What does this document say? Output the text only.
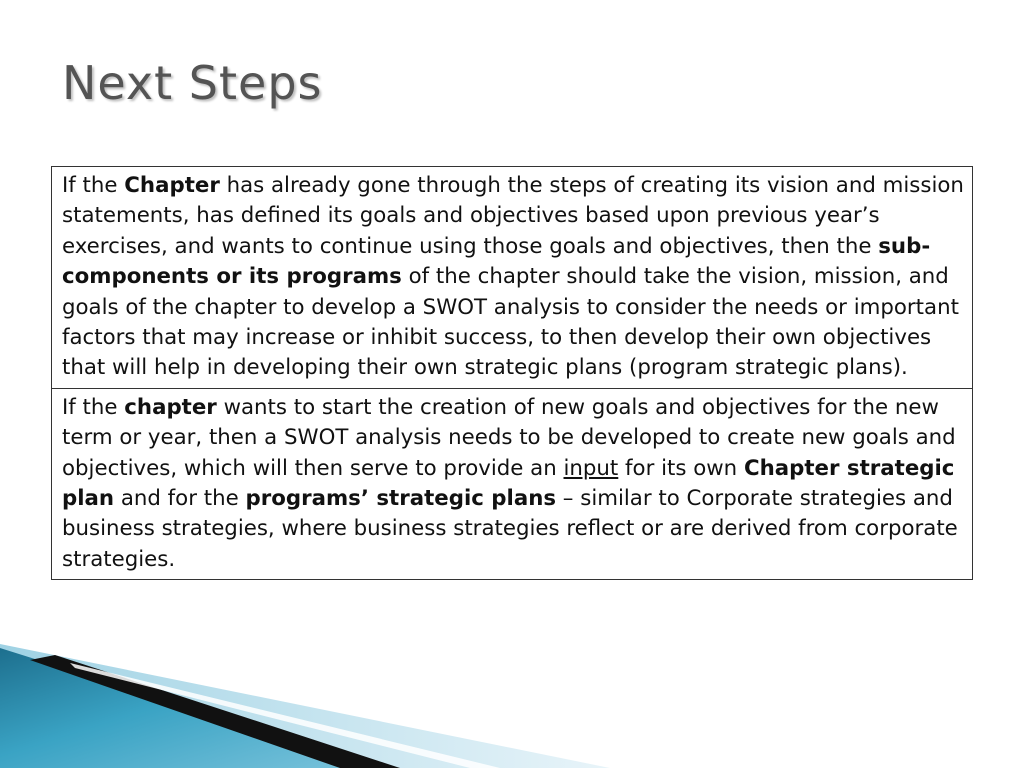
Next Steps
If the Chapter has already gone through the steps of creating its vision and mission statements, has defined its goals and objectives based upon previous year’s exercises, and wants to continue using those goals and objectives, then the sub-components or its programs of the chapter should take the vision, mission, and goals of the chapter to develop a SWOT analysis to consider the needs or important factors that may increase or inhibit success, to then develop their own objectives that will help in developing their own strategic plans (program strategic plans).
If the chapter wants to start the creation of new goals and objectives for the new term or year, then a SWOT analysis needs to be developed to create new goals and objectives, which will then serve to provide an input for its own Chapter strategic plan and for the programs’ strategic plans – similar to Corporate strategies and business strategies, where business strategies reflect or are derived from corporate strategies.
